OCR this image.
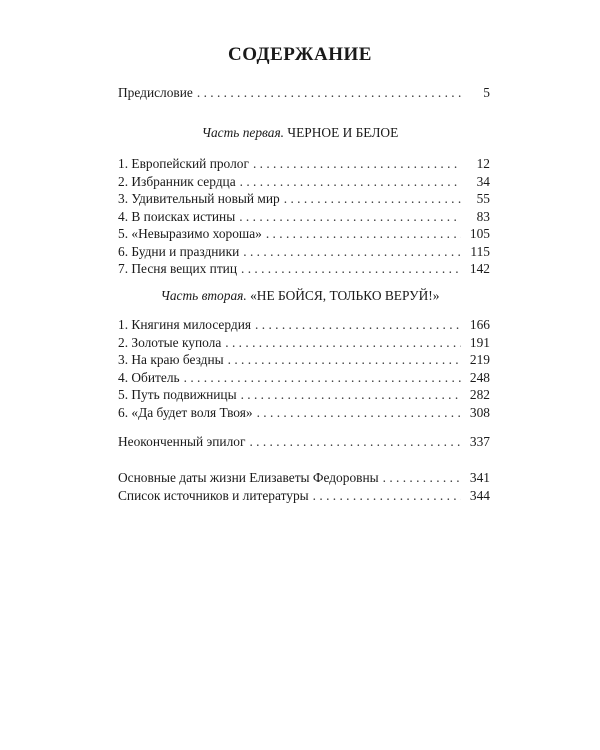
СОДЕРЖАНИЕ
Предисловие . . .	5
Часть первая. ЧЕРНОЕ И БЕЛОЕ
1. Европейский пролог . . .	12
2. Избранник сердца . . .	34
3. Удивительный новый мир . . .	55
4. В поисках истины . . .	83
5. «Невыразимо хороша» . . .	105
6. Будни и праздники . . .	115
7. Песня вещих птиц . . .	142
Часть вторая. «НЕ БОЙСЯ, ТОЛЬКО ВЕРУЙ!»
1. Княгиня милосердия . . .	166
2. Золотые купола . . .	191
3. На краю бездны . . .	219
4. Обитель . . .	248
5. Путь подвижницы . . .	282
6. «Да будет воля Твоя» . . .	308
Неоконченный эпилог . . .	337
Основные даты жизни Елизаветы Федоровны . . .	341
Список источников и литературы . . .	344
